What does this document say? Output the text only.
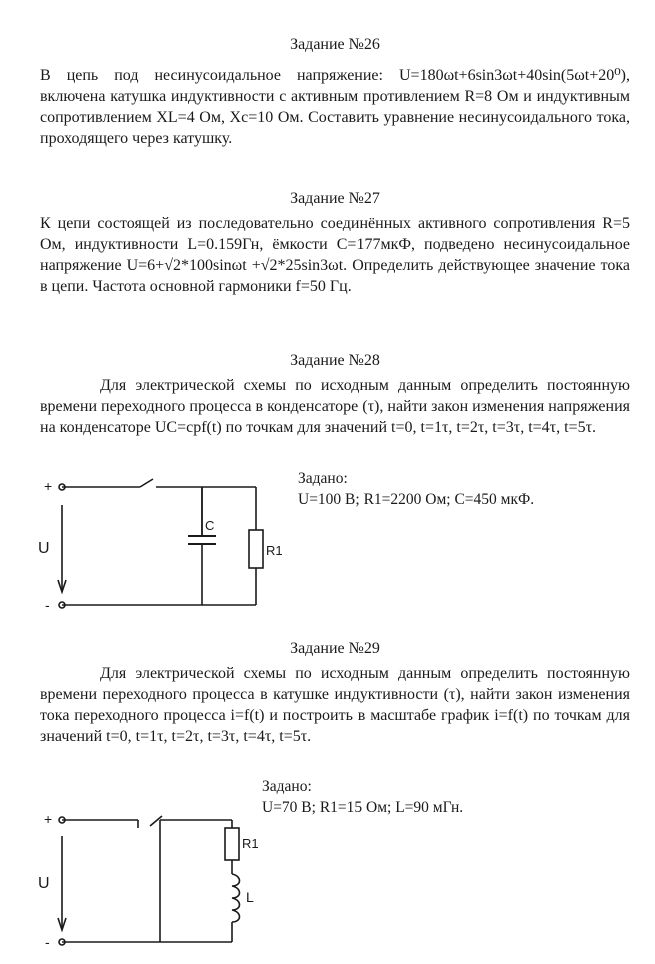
Задание №26

В цепь под несинусоидальное напряжение: U=180ωt+6sin3ωt+40sin(5ωt+20⁰), включена катушка индуктивности с активным противлением R=8 Ом и индуктивным сопротивлением XL=4 Ом, Xc=10 Ом. Составить уравнение несинусоидального тока, проходящего через катушку.

Задание №27

К цепи состоящей из последовательно соединённых активного сопротивления R=5 Ом, индуктивности L=0.159Гн, ёмкости C=177мкФ, подведено несинусоидальное напряжение U=6+√2*100sinωt +√2*25sin3ωt. Определить действующее значение тока в цепи. Частота основной гармоники f=50 Гц.

Задание №28

Для электрической схемы по исходным данным определить постоянную времени переходного процесса в конденсаторе (τ), найти закон изменения напряжения на конденсаторе UC=cpf(t) по точкам для значений t=0, t=1τ, t=2τ, t=3τ, t=4τ, t=5τ.

Задано:
U=100 В; R1=2200 Ом; С=450 мкФ.
+
-
U
C
R1
Задание №29

Для электрической схемы по исходным данным определить постоянную времени переходного процесса в катушке индуктивности (τ), найти закон изменения тока переходного процесса i=f(t) и построить в масштабе график i=f(t) по точкам для значений t=0, t=1τ, t=2τ, t=3τ, t=4τ, t=5τ.

Задано:
U=70 В; R1=15 Ом; L=90 мГн.
+
-
U
R1
L
